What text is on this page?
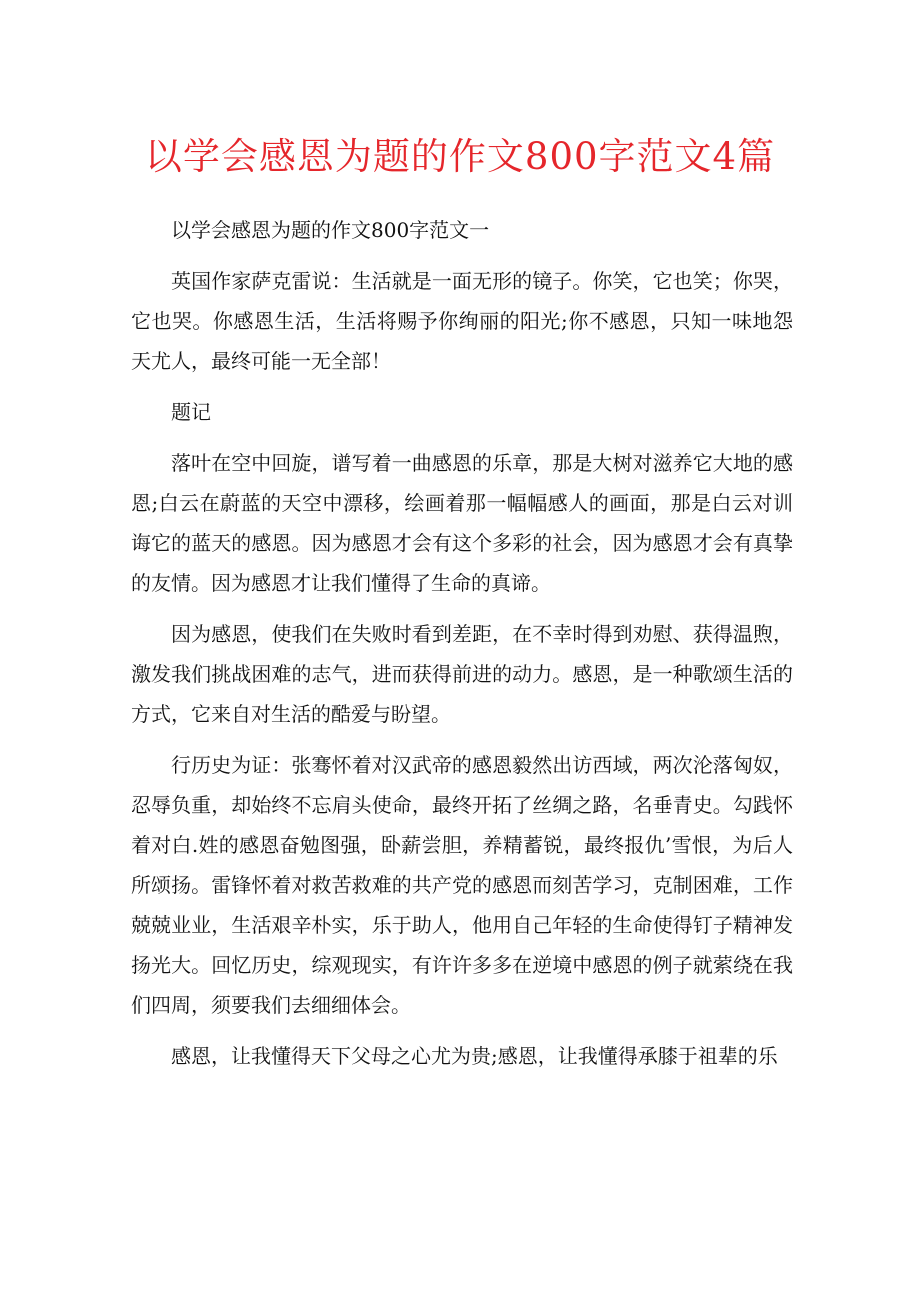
以学会感恩为题的作文800字范文4篇

以学会感恩为题的作文800字范文一

英国作家萨克雷说：生活就是一面无形的镜子。你笑，它也笑；你哭，它也哭。你感恩生活，生活将赐予你绚丽的阳光;你不感恩，只知一味地怨天尤人，最终可能一无全部！

题记

落叶在空中回旋，谱写着一曲感恩的乐章，那是大树对滋养它大地的感恩;白云在蔚蓝的天空中漂移，绘画着那一幅幅感人的画面，那是白云对训诲它的蓝天的感恩。因为感恩才会有这个多彩的社会，因为感恩才会有真挚的友情。因为感恩才让我们懂得了生命的真谛。

因为感恩，使我们在失败时看到差距，在不幸时得到劝慰、获得温煦，激发我们挑战困难的志气，进而获得前进的动力。感恩，是一种歌颂生活的方式，它来自对生活的酷爱与盼望。

行历史为证：张骞怀着对汉武帝的感恩毅然出访西域，两次沦落匈奴，忍辱负重，却始终不忘肩头使命，最终开拓了丝绸之路，名垂青史。勾践怀着对白.姓的感恩奋勉图强，卧薪尝胆，养精蓄锐，最终报仇’雪恨，为后人所颂扬。雷锋怀着对救苦救难的共产党的感恩而刻苦学习，克制困难，工作兢兢业业，生活艰辛朴实，乐于助人，他用自己年轻的生命使得钉子精神发扬光大。回忆历史，综观现实，有许许多多在逆境中感恩的例子就萦绕在我们四周，须要我们去细细体会。

感恩，让我懂得天下父母之心尤为贵;感恩，让我懂得承膝于祖辈的乐
